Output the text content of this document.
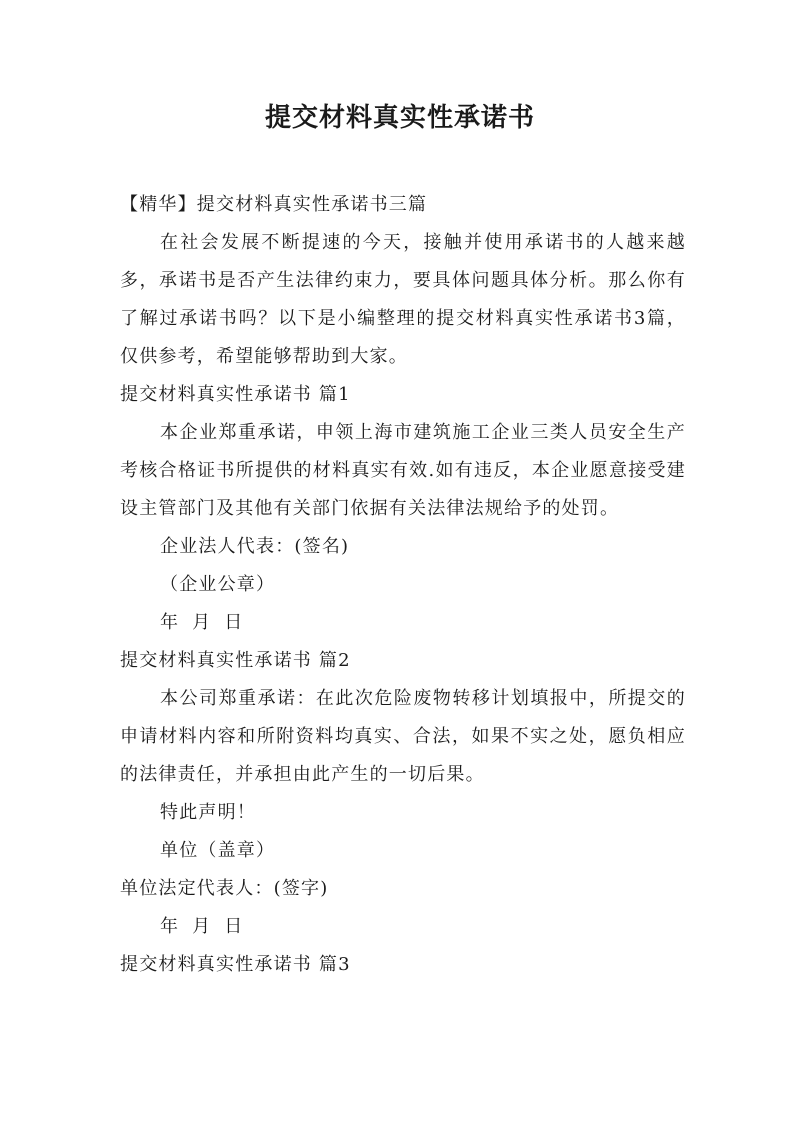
提交材料真实性承诺书

【精华】提交材料真实性承诺书三篇

在社会发展不断提速的今天，接触并使用承诺书的人越来越多，承诺书是否产生法律约束力，要具体问题具体分析。那么你有了解过承诺书吗？以下是小编整理的提交材料真实性承诺书3篇，仅供参考，希望能够帮助到大家。

提交材料真实性承诺书 篇1

本企业郑重承诺，申领上海市建筑施工企业三类人员安全生产考核合格证书所提供的材料真实有效.如有违反，本企业愿意接受建设主管部门及其他有关部门依据有关法律法规给予的处罚。

企业法人代表：(签名)

（企业公章）

年 月 日

提交材料真实性承诺书 篇2

本公司郑重承诺：在此次危险废物转移计划填报中，所提交的申请材料内容和所附资料均真实、合法，如果不实之处，愿负相应的法律责任，并承担由此产生的一切后果。

特此声明！

单位（盖章）

单位法定代表人：(签字)

年 月 日

提交材料真实性承诺书 篇3
